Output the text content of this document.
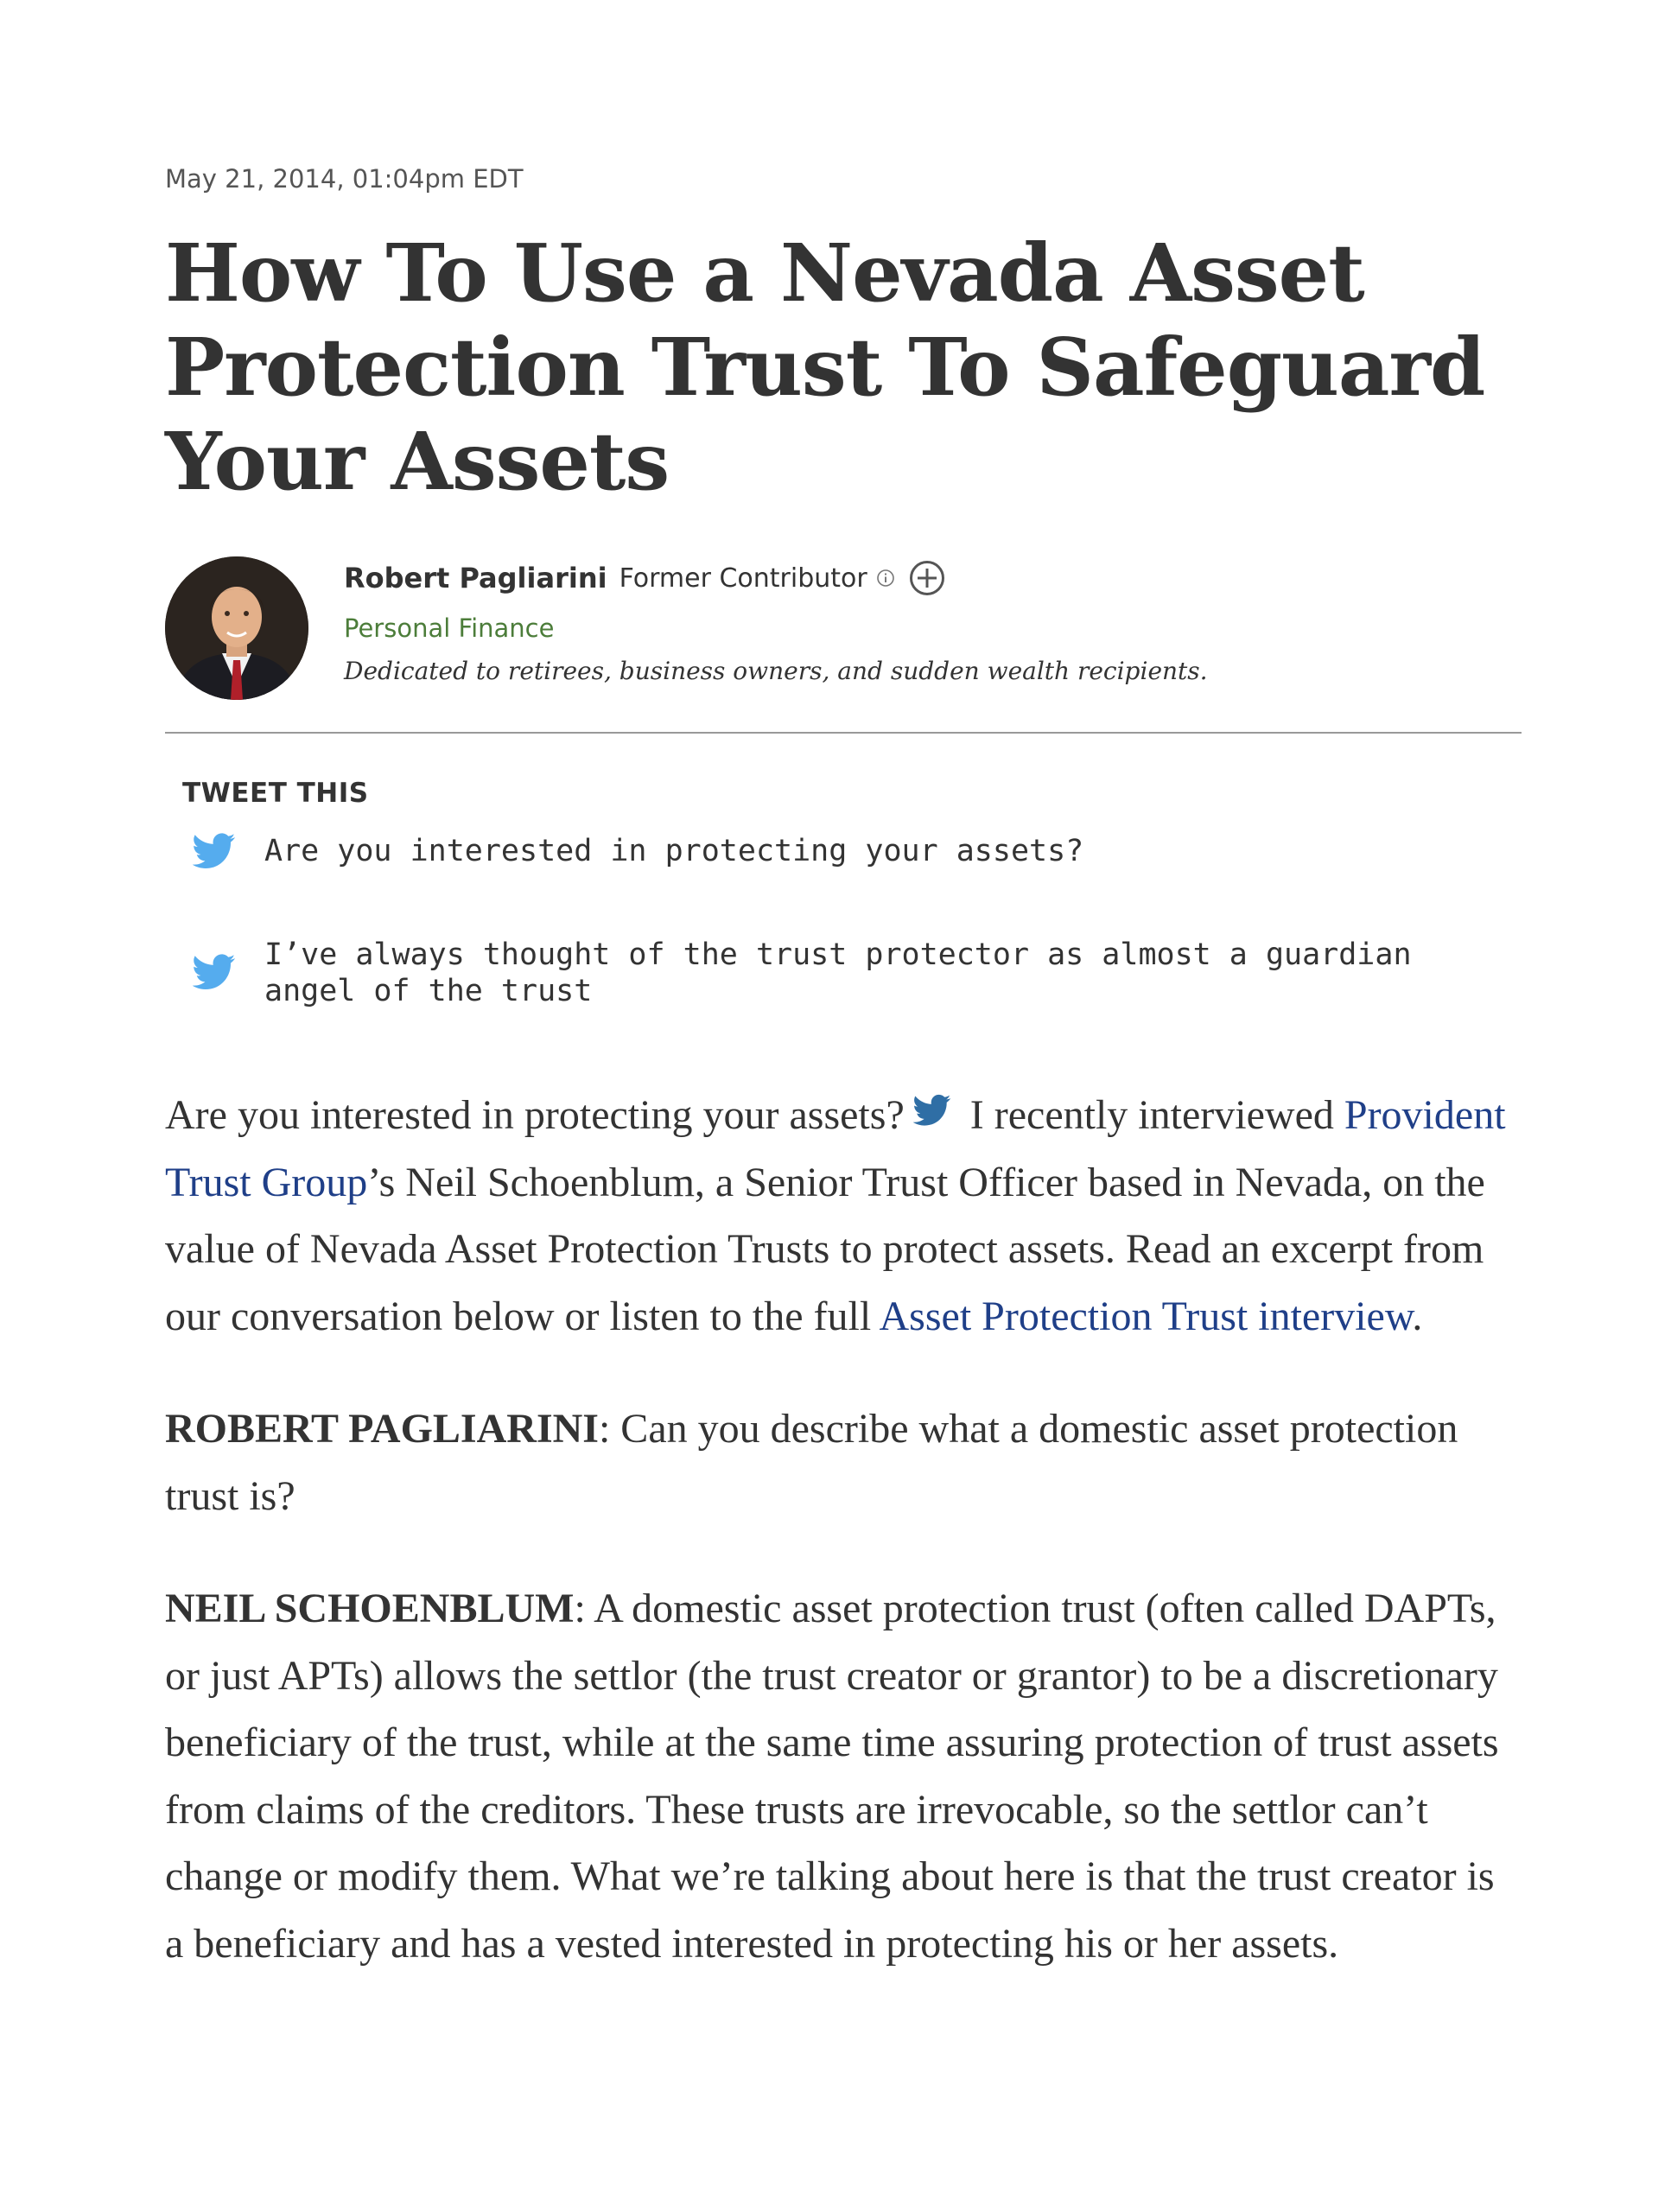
May 21, 2014, 01:04pm EDT
How To Use a Nevada Asset Protection Trust To Safeguard Your Assets
Robert Pagliarini Former Contributor
Personal Finance
Dedicated to retirees, business owners, and sudden wealth recipients.
TWEET THIS
Are you interested in protecting your assets?
I’ve always thought of the trust protector as almost a guardian angel of the trust

Are you interested in protecting your assets? I recently interviewed Provident Trust Group’s Neil Schoenblum, a Senior Trust Officer based in Nevada, on the value of Nevada Asset Protection Trusts to protect assets. Read an excerpt from our conversation below or listen to the full Asset Protection Trust interview.

ROBERT PAGLIARINI: Can you describe what a domestic asset protection trust is?

NEIL SCHOENBLUM: A domestic asset protection trust (often called DAPTs, or just APTs) allows the settlor (the trust creator or grantor) to be a discretionary beneficiary of the trust, while at the same time assuring protection of trust assets from claims of the creditors. These trusts are irrevocable, so the settlor can’t change or modify them. What we’re talking about here is that the trust creator is a beneficiary and has a vested interested in protecting his or her assets.
